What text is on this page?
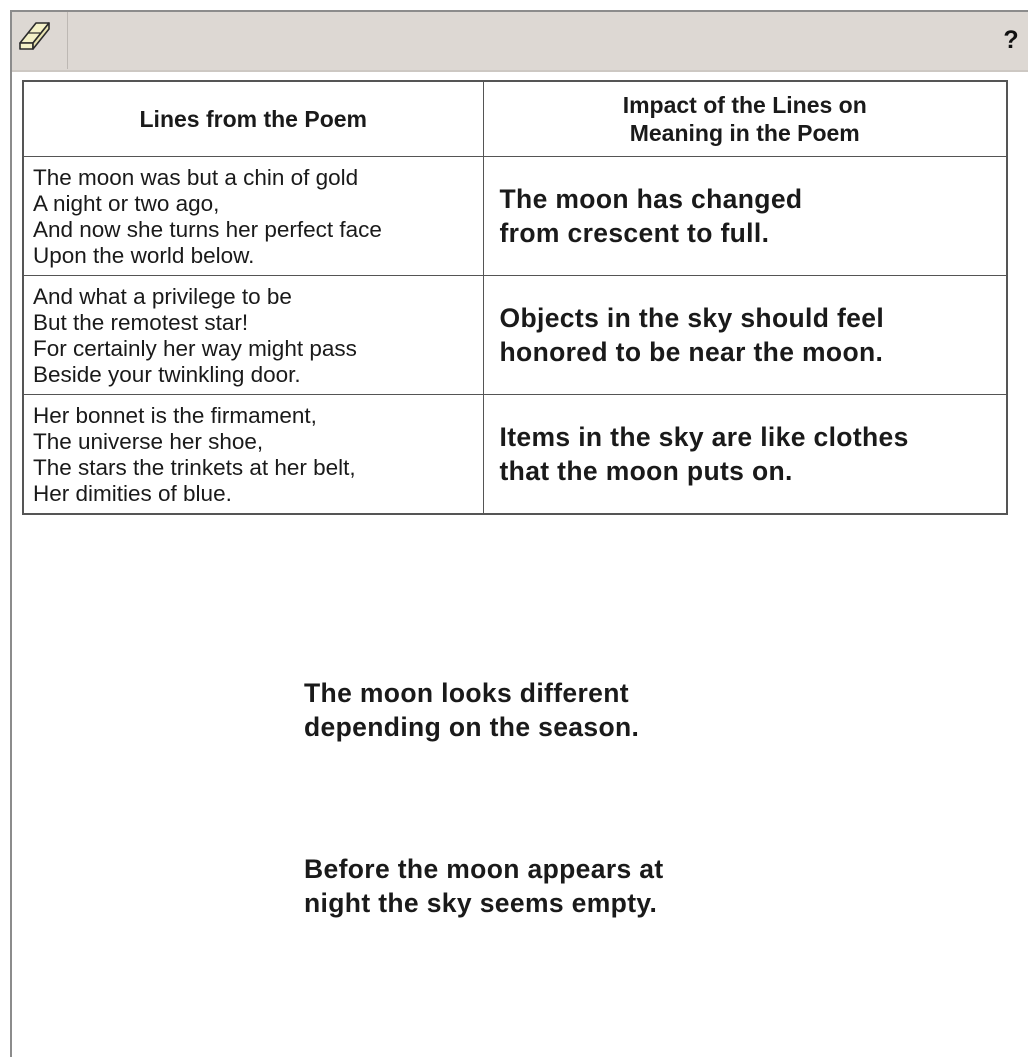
?
Lines from the Poem	Impact of the Lines on
Meaning in the Poem

The moon was but a chin of gold
A night or two ago,
And now she turns her perfect face
Upon the world below.	The moon has changed
from crescent to full.

And what a privilege to be
But the remotest star!
For certainly her way might pass
Beside your twinkling door.	Objects in the sky should feel
honored to be near the moon.

Her bonnet is the firmament,
The universe her shoe,
The stars the trinkets at her belt,
Her dimities of blue.	Items in the sky are like clothes
that the moon puts on.
The moon looks different
depending on the season.
Before the moon appears at
night the sky seems empty.
